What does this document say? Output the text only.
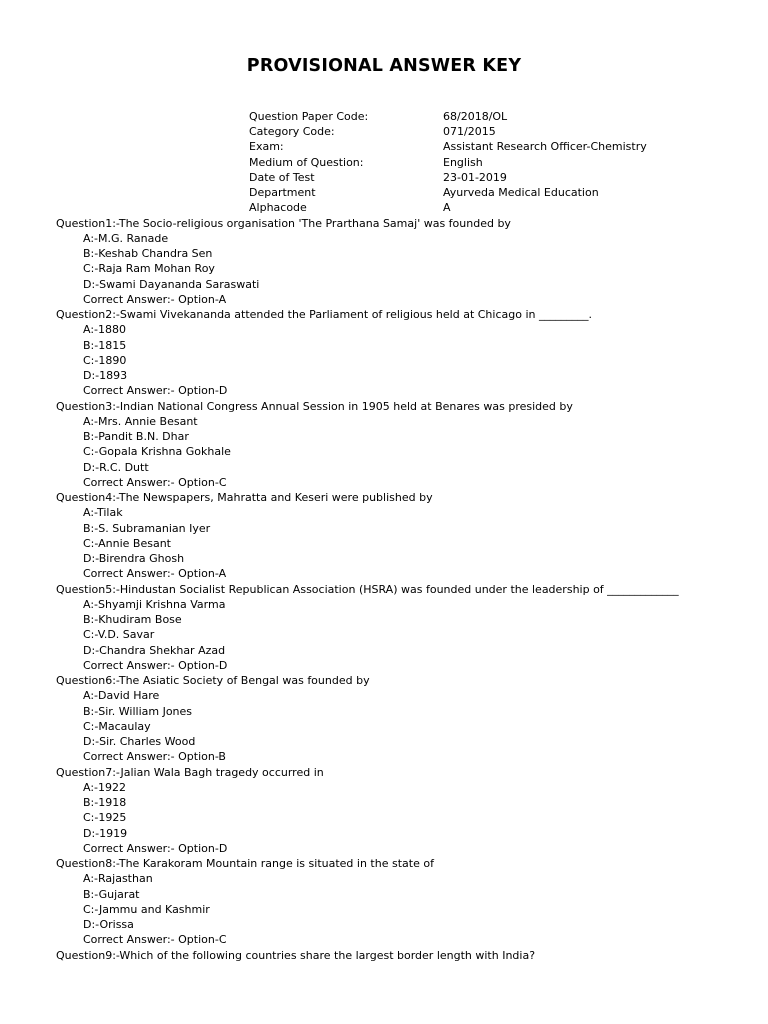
PROVISIONAL ANSWER KEY
Question Paper Code:	68/2018/OL
Category Code:	071/2015
Exam:	Assistant Research Officer-Chemistry
Medium of Question:	English
Date of Test	23-01-2019
Department	Ayurveda Medical Education
Alphacode	A
Question1:-The Socio-religious organisation 'The Prarthana Samaj' was founded by
A:-M.G. Ranade
B:-Keshab Chandra Sen
C:-Raja Ram Mohan Roy
D:-Swami Dayananda Saraswati
Correct Answer:- Option-A
Question2:-Swami Vivekananda attended the Parliament of religious held at Chicago in _________.
A:-1880
B:-1815
C:-1890
D:-1893
Correct Answer:- Option-D
Question3:-Indian National Congress Annual Session in 1905 held at Benares was presided by
A:-Mrs. Annie Besant
B:-Pandit B.N. Dhar
C:-Gopala Krishna Gokhale
D:-R.C. Dutt
Correct Answer:- Option-C
Question4:-The Newspapers, Mahratta and Keseri were published by
A:-Tilak
B:-S. Subramanian Iyer
C:-Annie Besant
D:-Birendra Ghosh
Correct Answer:- Option-A
Question5:-Hindustan Socialist Republican Association (HSRA) was founded under the leadership of _____________
A:-Shyamji Krishna Varma
B:-Khudiram Bose
C:-V.D. Savar
D:-Chandra Shekhar Azad
Correct Answer:- Option-D
Question6:-The Asiatic Society of Bengal was founded by
A:-David Hare
B:-Sir. William Jones
C:-Macaulay
D:-Sir. Charles Wood
Correct Answer:- Option-B
Question7:-Jalian Wala Bagh tragedy occurred in
A:-1922
B:-1918
C:-1925
D:-1919
Correct Answer:- Option-D
Question8:-The Karakoram Mountain range is situated in the state of
A:-Rajasthan
B:-Gujarat
C:-Jammu and Kashmir
D:-Orissa
Correct Answer:- Option-C
Question9:-Which of the following countries share the largest border length with India?
